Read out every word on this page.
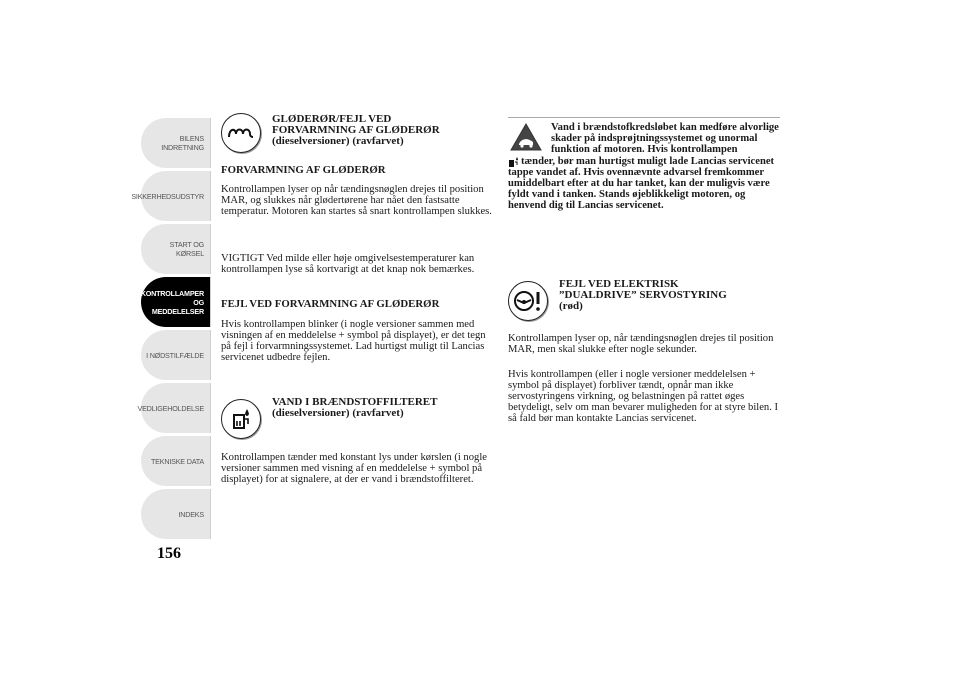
BILENS
INDRETNING
SIKKERHEDSUDSTYR
START OG KØRSEL
KONTROLLAMPER
OG MEDDELELSER
I NØDSTILFÆLDE
VEDLIGEHOLDELSE
TEKNISKE DATA
INDEKS
156
GLØDERØR/FEJL VED
FORVARMNING AF GLØDERØR
(dieselversioner) (ravfarvet)
FORVARMNING AF GLØDERØR

Kontrollampen lyser op når tændingsnøglen drejes til position MAR, og slukkes når glødertørene har nået den fastsatte temperatur. Motoren kan startes så snart kontrollampen slukkes.

VIGTIGT Ved milde eller høje omgivelsestemperaturer kan kontrollampen lyse så kortvarigt at det knap nok bemærkes.

FEJL VED FORVARMNING AF GLØDERØR

Hvis kontrollampen blinker (i nogle versioner sammen med visningen af en meddelelse + symbol på displayet), er det tegn på fejl i forvarmningssystemet. Lad hurtigst muligt til Lancias servicenet udbedre fejlen.

VAND I BRÆNDSTOFFILTERET
(dieselversioner) (ravfarvet)

Kontrollampen tænder med konstant lys under kørslen (i nogle versioner sammen med visning af en meddelelse + symbol på displayet) for at signalere, at der er vand i brændstoffilteret.

Vand i brændstofkredsløbet kan medføre alvorlige skader på indsprøjtningssystemet og unormal funktion af motoren. Hvis kontrollampen
tænder, bør man hurtigst muligt lade Lancias servicenet tappe vandet af. Hvis ovennævnte advarsel fremkommer umiddelbart efter at du har tanket, kan der muligvis være fyldt vand i tanken. Stands øjeblikkeligt motoren, og henvend dig til Lancias servicenet.
FEJL VED ELEKTRISK
”DUALDRIVE” SERVOSTYRING
(rød)

Kontrollampen lyser op, når tændingsnøglen drejes til position MAR, men skal slukke efter nogle sekunder.

Hvis kontrollampen (eller i nogle versioner meddelelsen + symbol på displayet) forbliver tændt, opnår man ikke servostyringens virkning, og belastningen på rattet øges betydeligt, selv om man bevarer muligheden for at styre bilen. I så fald bør man kontakte Lancias servicenet.
